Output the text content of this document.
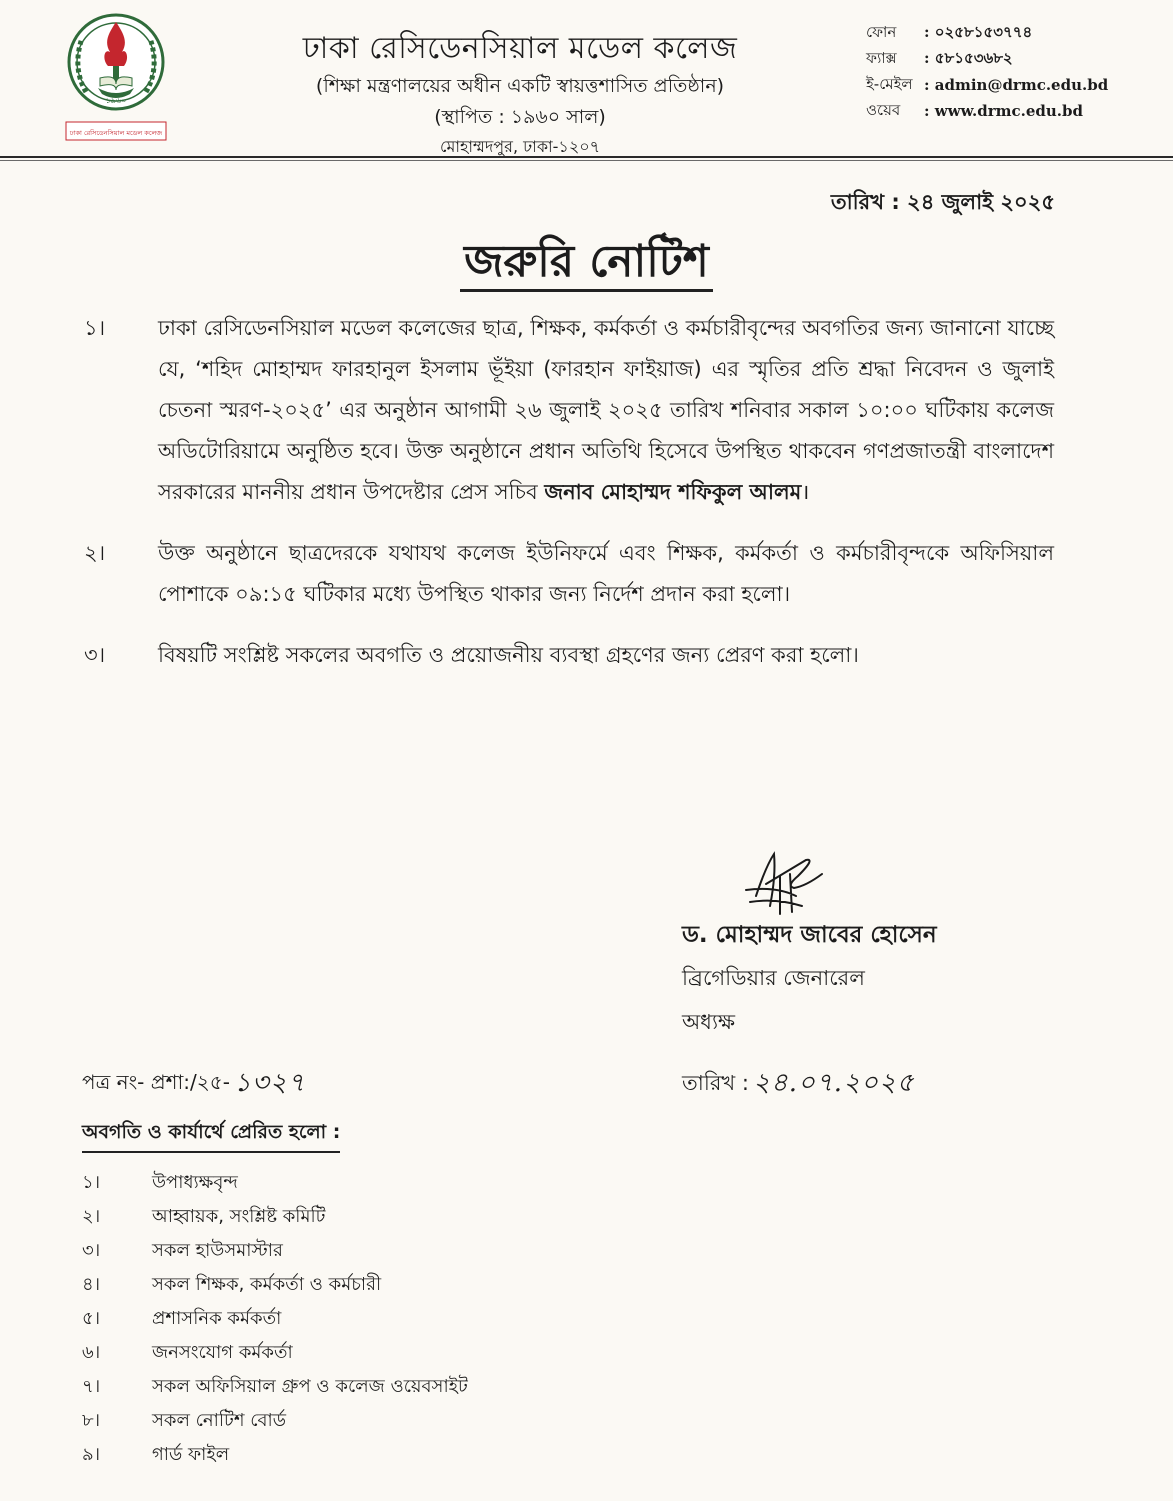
১৯৬০
ঢাকা রেসিডেনসিয়াল মডেল কলেজ
ঢাকা রেসিডেনসিয়াল মডেল কলেজ
(শিক্ষা মন্ত্রণালয়ের অধীন একটি স্বায়ত্তশাসিত প্রতিষ্ঠান)
(স্থাপিত : ১৯৬০ সাল)
মোহাম্মদপুর, ঢাকা-১২০৭
ফোন	: ০২৫৮১৫৩৭৭৪
ফ্যাক্স	: ৫৮১৫৩৬৮২
ই-মেইল : admin@drmc.edu.bd
ওয়েব	: www.drmc.edu.bd
তারিখ : ২৪ জুলাই ২০২৫
জরুরি নোটিশ
১।	ঢাকা রেসিডেনসিয়াল মডেল কলেজের ছাত্র, শিক্ষক, কর্মকর্তা ও কর্মচারীবৃন্দের অবগতির জন্য জানানো যাচ্ছে যে, ‘শহিদ মোহাম্মদ ফারহানুল ইসলাম ভূঁইয়া (ফারহান ফাইয়াজ) এর স্মৃতির প্রতি শ্রদ্ধা নিবেদন ও জুলাই চেতনা স্মরণ-২০২৫’ এর অনুষ্ঠান আগামী ২৬ জুলাই ২০২৫ তারিখ শনিবার সকাল ১০:০০ ঘটিকায় কলেজ অডিটোরিয়ামে অনুষ্ঠিত হবে। উক্ত অনুষ্ঠানে প্রধান অতিথি হিসেবে উপস্থিত থাকবেন গণপ্রজাতন্ত্রী বাংলাদেশ সরকারের মাননীয় প্রধান উপদেষ্টার প্রেস সচিব জনাব মোহাম্মদ শফিকুল আলম।
২।	উক্ত অনুষ্ঠানে ছাত্রদেরকে যথাযথ কলেজ ইউনিফর্মে এবং শিক্ষক, কর্মকর্তা ও কর্মচারীবৃন্দকে অফিসিয়াল পোশাকে ০৯:১৫ ঘটিকার মধ্যে উপস্থিত থাকার জন্য নির্দেশ প্রদান করা হলো।
৩।	বিষয়টি সংশ্লিষ্ট সকলের অবগতি ও প্রয়োজনীয় ব্যবস্থা গ্রহণের জন্য প্রেরণ করা হলো।
ড. মোহাম্মদ জাবের হোসেন
ব্রিগেডিয়ার জেনারেল
অধ্যক্ষ
তারিখ : ২৪.০৭.২০২৫
পত্র নং- প্রশা:/২৫- ১৩২৭
অবগতি ও কার্যার্থে প্রেরিত হলো :
১।	উপাধ্যক্ষবৃন্দ
২।	আহ্বায়ক, সংশ্লিষ্ট কমিটি
৩।	সকল হাউসমাস্টার
৪।	সকল শিক্ষক, কর্মকর্তা ও কর্মচারী
৫।	প্রশাসনিক কর্মকর্তা
৬।	জনসংযোগ কর্মকর্তা
৭।	সকল অফিসিয়াল গ্রুপ ও কলেজ ওয়েবসাইট
৮।	সকল নোটিশ বোর্ড
৯।	গার্ড ফাইল
